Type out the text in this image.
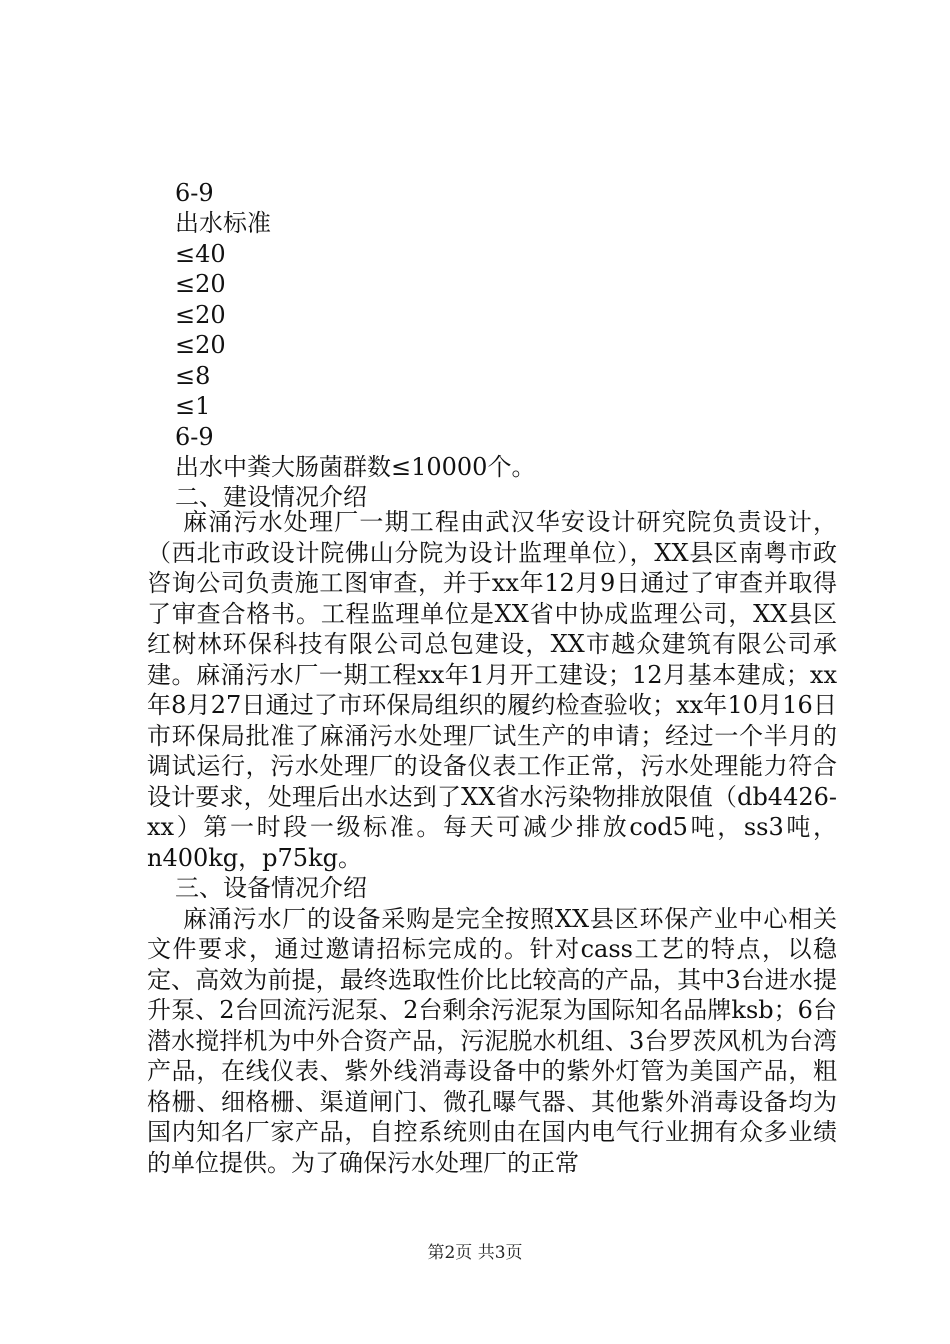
6-9
出水标准
≤40
≤20
≤20
≤20
≤8
≤1
6-9
出水中粪大肠菌群数≤10000个。
二、建设情况介绍

麻涌污水处理厂一期工程由武汉华安设计研究院负责设计，（西北市政设计院佛山分院为设计监理单位），XX县区南粤市政咨询公司负责施工图审查，并于xx年12月9日通过了审查并取得了审查合格书。工程监理单位是XX省中协成监理公司，XX县区红树林环保科技有限公司总包建设，XX市越众建筑有限公司承建。麻涌污水厂一期工程xx年1月开工建设；12月基本建成；xx年8月27日通过了市环保局组织的履约检查验收；xx年10月16日市环保局批准了麻涌污水处理厂试生产的申请；经过一个半月的调试运行，污水处理厂的设备仪表工作正常，污水处理能力符合设计要求，处理后出水达到了XX省水污染物排放限值（db4426-xx）第一时段一级标准。每天可减少排放cod5吨，ss3吨，n400kg，p75kg。

三、设备情况介绍

麻涌污水厂的设备采购是完全按照XX县区环保产业中心相关文件要求，通过邀请招标完成的。针对cass工艺的特点，以稳定、高效为前提，最终选取性价比比较高的产品，其中3台进水提升泵、2台回流污泥泵、2台剩余污泥泵为国际知名品牌ksb；6台潜水搅拌机为中外合资产品，污泥脱水机组、3台罗茨风机为台湾产品，在线仪表、紫外线消毒设备中的紫外灯管为美国产品，粗格栅、细格栅、渠道闸门、微孔曝气器、其他紫外消毒设备均为国内知名厂家产品，自控系统则由在国内电气行业拥有众多业绩的单位提供。为了确保污水处理厂的正常

第2页 共3页
